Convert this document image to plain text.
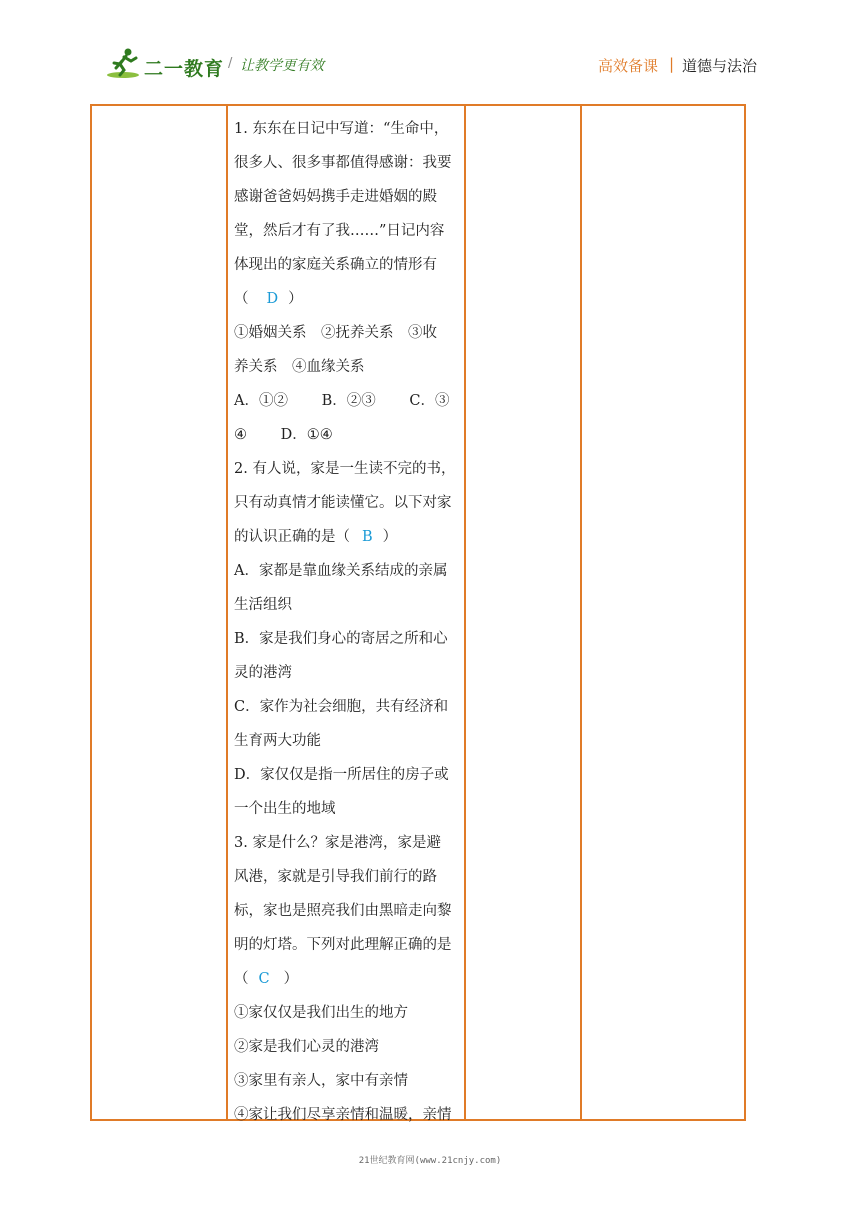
二一教育 / 让教学更有效	高效备课 | 道德与法治

1. 东东在日记中写道：“生命中，

很多人、很多事都值得感谢：我要

感谢爸爸妈妈携手走进婚姻的殿

堂，然后才有了我……”日记内容

体现出的家庭关系确立的情形有

（ D ）

①婚姻关系　②抚养关系　③收

养关系　④血缘关系

A．①②　　 B．②③　　 C．③

④　　 D．①④

2. 有人说，家是一生读不完的书，

只有动真情才能读懂它。以下对家

的认识正确的是（ B ）

A．家都是靠血缘关系结成的亲属

生活组织

B．家是我们身心的寄居之所和心

灵的港湾

C．家作为社会细胞，共有经济和

生育两大功能

D．家仅仅是指一所居住的房子或

一个出生的地域

3. 家是什么？家是港湾，家是避

风港，家就是引导我们前行的路

标，家也是照亮我们由黑暗走向黎

明的灯塔。下列对此理解正确的是

（ C ）

①家仅仅是我们出生的地方

②家是我们心灵的港湾

③家里有亲人，家中有亲情

④家让我们尽享亲情和温暖，亲情

21世纪教育网(www.21cnjy.com)
